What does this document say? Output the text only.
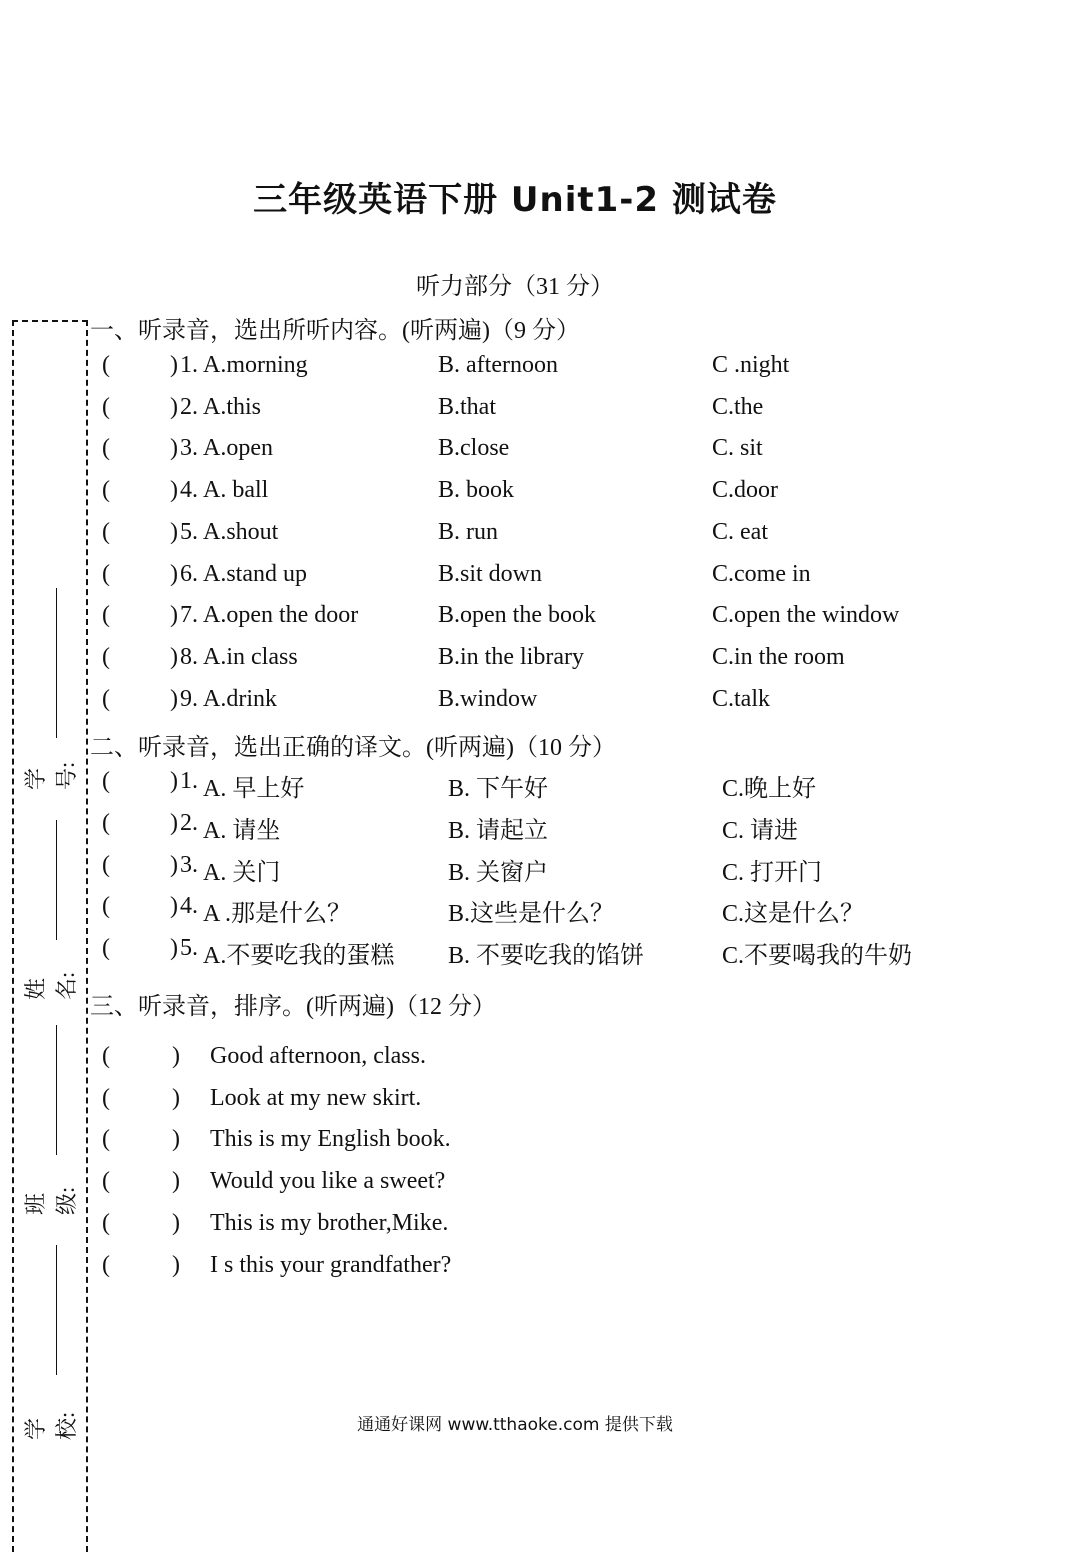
三年级英语下册 Unit1-2 测试卷
听力部分（31 分）
学号:
姓名:
班级:
学校:
一、听录音，选出所听内容。(听两遍)（9 分）
(	) 1. A.morning	B. afternoon	C .night
(	) 2. A.this	B.that	C.the
(	) 3. A.open	B.close	C. sit
(	) 4. A. ball	B. book	C.door
(	) 5. A.shout	B. run	C. eat
(	) 6. A.stand up	B.sit down	C.come in
(	) 7. A.open the door	B.open the book	C.open the window
(	) 8. A.in class	B.in the library	C.in the room
(	) 9. A.drink	B.window	C.talk
二、听录音，选出正确的译文。(听两遍)（10 分）
(	) 1. A. 早上好	B. 下午好	C.晚上好
(	) 2. A. 请坐	B. 请起立	C. 请进
(	) 3. A. 关门	B. 关窗户	C. 打开门
(	) 4. A .那是什么？	B.这些是什么？	C.这是什么？
(	) 5. A.不要吃我的蛋糕 B. 不要吃我的馅饼	C.不要喝我的牛奶
三、听录音，排序。(听两遍)（12 分）
(	) Good afternoon, class.
(	) Look at my new skirt.
(	) This is my English book.
(	) Would you like a sweet?
(	) This is my brother,Mike.
(	) I s this your grandfather?
通通好课网 www.tthaoke.com 提供下载
